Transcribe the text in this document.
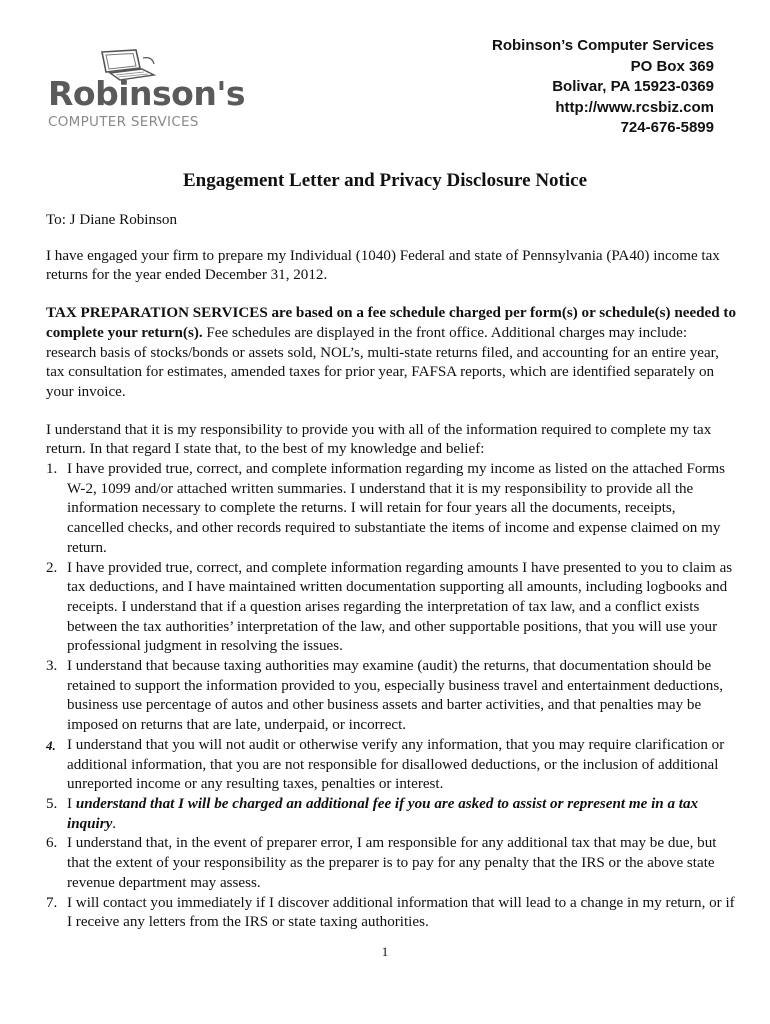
Robinson's
COMPUTER SERVICES
Robinson’s Computer Services
PO Box 369
Bolivar, PA 15923-0369
http://www.rcsbiz.com
724-676-5899
Engagement Letter and Privacy Disclosure Notice

To: J Diane Robinson

I have engaged your firm to prepare my Individual (1040) Federal and state of Pennsylvania (PA40) income tax returns for the year ended December 31, 2012.

TAX PREPARATION SERVICES are based on a fee schedule charged per form(s) or schedule(s) needed to complete your return(s). Fee schedules are displayed in the front office. Additional charges may include: research basis of stocks/bonds or assets sold, NOL’s, multi-state returns filed, and accounting for an entire year, tax consultation for estimates, amended taxes for prior year, FAFSA reports, which are identified separately on your invoice.

I understand that it is my responsibility to provide you with all of the information required to complete my tax return. In that regard I state that, to the best of my knowledge and belief:

1. I have provided true, correct, and complete information regarding my income as listed on the attached Forms W-2, 1099 and/or attached written summaries. I understand that it is my responsibility to provide all the information necessary to complete the returns. I will retain for four years all the documents, receipts, cancelled checks, and other records required to substantiate the items of income and expense claimed on my return.
2. I have provided true, correct, and complete information regarding amounts I have presented to you to claim as tax deductions, and I have maintained written documentation supporting all amounts, including logbooks and receipts. I understand that if a question arises regarding the interpretation of tax law, and a conflict exists between the tax authorities’ interpretation of the law, and other supportable positions, that you will use your professional judgment in resolving the issues.
3. I understand that because taxing authorities may examine (audit) the returns, that documentation should be retained to support the information provided to you, especially business travel and entertainment deductions, business use percentage of autos and other business assets and barter activities, and that penalties may be imposed on returns that are late, underpaid, or incorrect.
4. I understand that you will not audit or otherwise verify any information, that you may require clarification or additional information, that you are not responsible for disallowed deductions, or the inclusion of additional unreported income or any resulting taxes, penalties or interest.
5. I understand that I will be charged an additional fee if you are asked to assist or represent me in a tax inquiry.
6. I understand that, in the event of preparer error, I am responsible for any additional tax that may be due, but that the extent of your responsibility as the preparer is to pay for any penalty that the IRS or the above state revenue department may assess.
7. I will contact you immediately if I discover additional information that will lead to a change in my return, or if I receive any letters from the IRS or state taxing authorities.
1
